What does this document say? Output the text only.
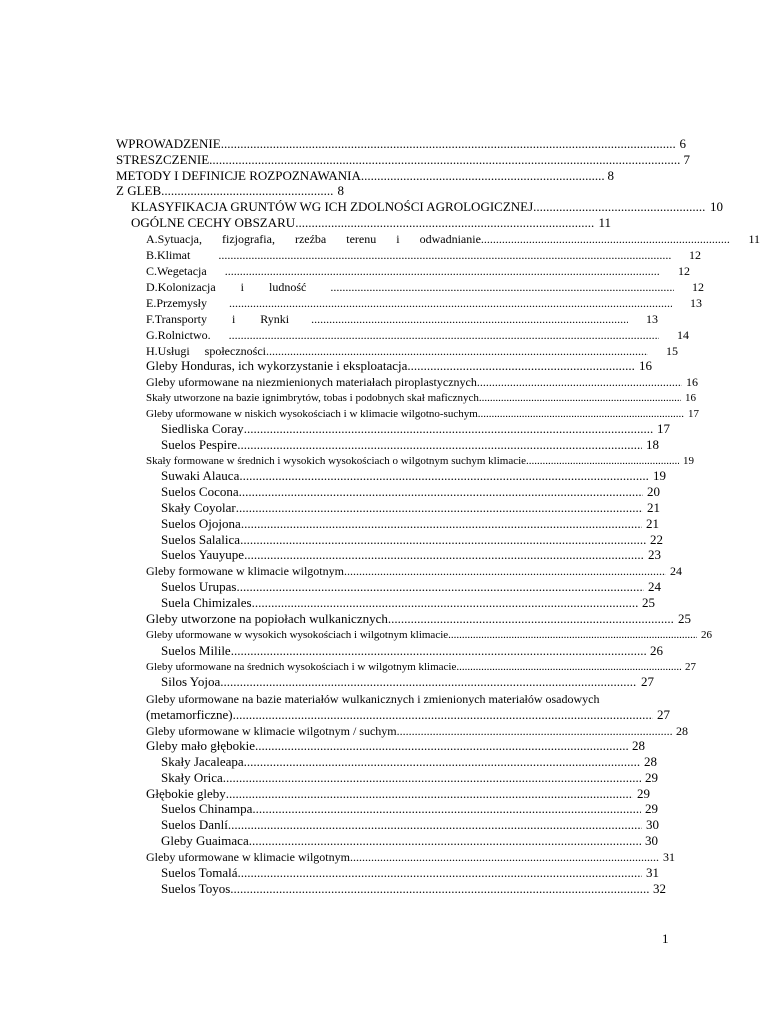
WPROWADZENIE .....	6
STRESZCZENIE .....	7
METODY I DEFINICJE ROZPOZNAWANIA .....	8
Z GLEB .....	8
KLASYFIKACJA GRUNTÓW WG ICH ZDOLNOŚCI AGROLOGICZNEJ .....	10
OGÓLNE CECHY OBSZARU .....	11
A. Sytuacja, fizjografia, rzeźba terenu i odwadnianie .....	11
B. Klimat .....	12
C. Wegetacja .....	12
D. Kolonizacja i ludność .....	12
E. Przemysły .....	13
F. Transporty i Rynki .....	13
G. Rolnictwo. .....	14
H. Usługi społeczności .....	15
Gleby Honduras, ich wykorzystanie i eksploatacja .....	16
Gleby uformowane na niezmienionych materiałach piroplastycznych. .....	16
Skały utworzone na bazie ignimbrytów, tobas i podobnych skał maficznych .....	16
Gleby uformowane w niskich wysokościach i w klimacie wilgotno-suchym .....	17
Siedliska Coray .....	17
Suelos Pespire .....	18
Skały formowane w średnich i wysokich wysokościach o wilgotnym suchym klimacie .....	19
Suwaki Alauca .....	19
Suelos Cocona .....	20
Skały Coyolar .....	21
Suelos Ojojona .....	21
Suelos Salalica .....	22
Suelos Yauyupe .....	23
Gleby formowane w klimacie wilgotnym .....	24
Suelos Urupas .....	24
Suela Chimizales .....	25
Gleby utworzone na popiołach wulkanicznych .....	25
Gleby uformowane w wysokich wysokościach i wilgotnym klimacie .....	26
Suelos Milile .....	26
Gleby uformowane na średnich wysokościach i w wilgotnym klimacie. .....	27
Silos Yojoa .....	27
Gleby uformowane na bazie materiałów wulkanicznych i zmienionych materiałów osadowych
(metamorficzne) .....	27
Gleby uformowane w klimacie wilgotnym / suchym. .....	28
Gleby mało głębokie .....	28
Skały Jacaleapa .....	28
Skały Orica .....	29
Głębokie gleby .....	29
Suelos Chinampa .....	29
Suelos Danlí .....	30
Gleby Guaimaca .....	30
Gleby uformowane w klimacie wilgotnym .....	31
Suelos Tomalá .....	31
Suelos Toyos .....	32
1
